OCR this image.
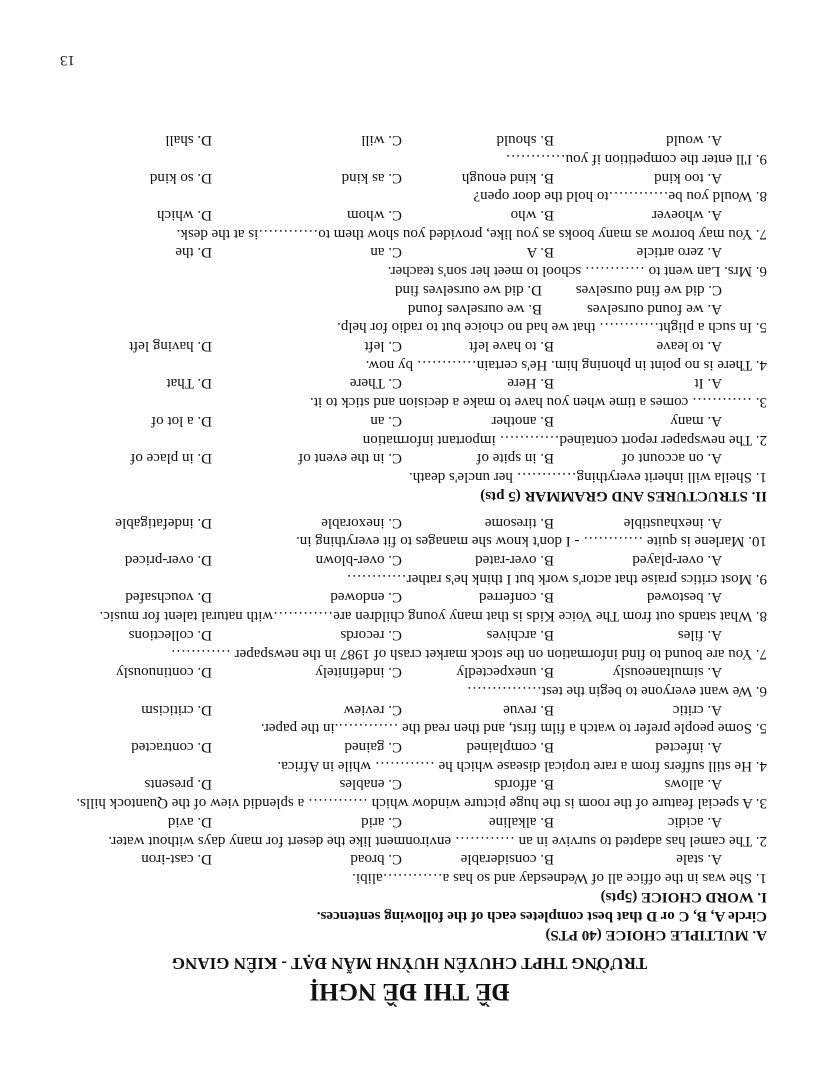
ĐỀ THI ĐỀ NGHỊ

TRƯỜNG THPT CHUYÊN HUỲNH MẪN ĐẠT - KIÊN GIANG

A. MULTIPLE CHOICE (40 PTS)

Circle A, B, C or D that best completes each of the following sentences.

I. WORD CHOICE (5pts)

1. She was in the office all of Wednesday and so has a…………alibi.

A. stale
B. considerable
C. broad
D. cast-iron

2. The camel has adapted to survive in an ………… environment like the desert for many days without water.

A. acidic
B. alkaline
C. arid
D. avid

3. A special feature of the room is the huge picture window which ………… a splendid view of the Quantock hills.

A. allows
B. affords
C. enables
D. presents

4. He still suffers from a rare tropical disease which he ………… while in Africa.

A. infected
B. complained
C. gained
D. contracted

5. Some people prefer to watch a film first, and then read the ………….in the paper.

A. critic
B. revue
C. review
D. criticism

6. We want everyone to begin the test……………

A. simultaneously
B. unexpectedly
C. indefinitely
D. continuously

7. You are bound to find information on the stock market crash of 1987 in the newspaper …………

A. files
B. archives
C. records
D. collections

8. What stands out from The Voice Kids is that many young children are…………with natural talent for music.

A. bestowed
B. conferred
C. endowed
D. vouchsafed

9. Most critics praise that actor's work but I think he's rather…………

A. over-played
B. over-rated
C. over-blown
D. over-priced

10. Marlene is quite ………… - I don't know she manages to fit everything in.

A. inexhaustible
B. tiresome
C. inexorable
D. indefatigable

II. STRUCTURES AND GRAMMAR (5 pts)

1. Sheila will inherit everything………… her uncle's death.

A. on account of
B. in spite of
C. in the event of
D. in place of

2. The newspaper report contained………… important information

A. many
B. another
C. an
D. a lot of

3. ………… comes a time when you have to make a decision and stick to it.

A. It
B. Here
C. There
D. That

4. There is no point in phoning him. He's certain………… by now.

A. to leave
B. to have left
C. left
D. having left

5. In such a plight………… that we had no choice but to radio for help.

A. we found ourselves
B. we ourselves found
C. did we find ourselves
D. did we ourselves find

6. Mrs. Lan went to ………… school to meet her son's teacher.

A. zero article
B. A
C. an
D. the

7. You may borrow as many books as you like, provided you show them to…………is at the desk.

A. whoever
B. who
C. whom
D. which

8. Would you be…………to hold the door open?

A. too kind
B. kind enough
C. as kind
D. so kind

9. I'll enter the competition if you…………

A. would
B. should
C. will
D. shall
13
